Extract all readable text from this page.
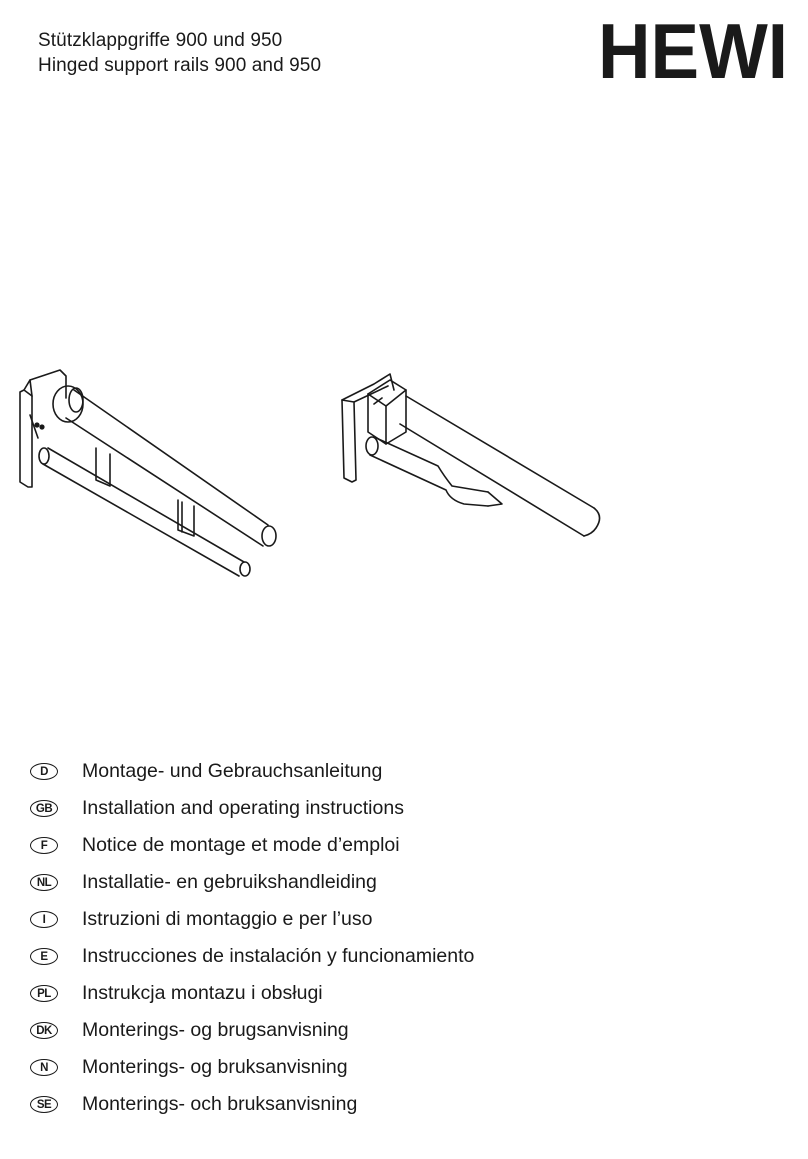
Stützklappgriffe 900 und 950
Hinged support rails 900 and 950	HEWI
D	Montage- und Gebrauchsanleitung
GB	Installation and operating instructions
F	Notice de montage et mode d’emploi
NL	Installatie- en gebruikshandleiding
I	Istruzioni di montaggio e per l’uso
E	Instrucciones de instalación y funcionamiento
PL	Instrukcja montazu i obsługi
DK	Monterings- og brugsanvisning
N	Monterings- og bruksanvisning
SE	Monterings- och bruksanvisning
